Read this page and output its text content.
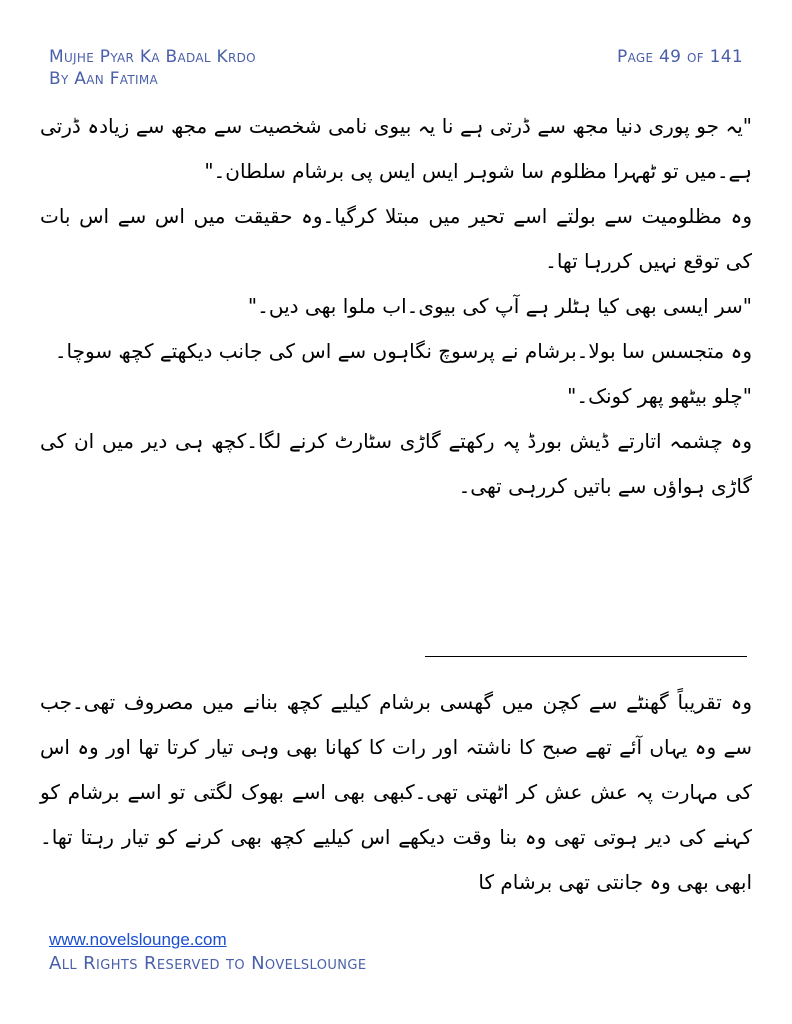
Mujhe Pyar Ka Badal Krdo
By Aan Fatima
Page 49 of 141

"یہ جو پوری دنیا مجھ سے ڈرتی ہے نا یہ بیوی نامی شخصیت سے مجھ سے زیادہ ڈرتی ہے۔میں تو ٹھہرا مظلوم سا شوہر ایس ایس پی برشام سلطان۔"

وہ مظلومیت سے بولتے اسے تحیر میں مبتلا کرگیا۔وہ حقیقت میں اس سے اس بات کی توقع نہیں کررہا تھا۔

"سر ایسی بھی کیا ہٹلر ہے آپ کی بیوی۔اب ملوا بھی دیں۔"

وہ متجسس سا بولا۔برشام نے پرسوچ نگاہوں سے اس کی جانب دیکھتے کچھ سوچا۔

"چلو بیٹھو پھر کونک۔"

وہ چشمہ اتارتے ڈیش بورڈ پہ رکھتے گاڑی سٹارٹ کرنے لگا۔کچھ ہی دیر میں ان کی گاڑی ہواؤں سے باتیں کررہی تھی۔

وہ تقریباً گھنٹے سے کچن میں گھسی برشام کیلیے کچھ بنانے میں مصروف تھی۔جب سے وہ یہاں آئے تھے صبح کا ناشتہ اور رات کا کھانا بھی وہی تیار کرتا تھا اور وہ اس کی مہارت پہ عش عش کر اٹھتی تھی۔کبھی بھی اسے بھوک لگتی تو اسے برشام کو کہنے کی دیر ہوتی تھی وہ بنا وقت دیکھے اس کیلیے کچھ بھی کرنے کو تیار رہتا تھا۔ابھی بھی وہ جانتی تھی برشام کا

www.novelslounge.com
All Rights Reserved to Novelslounge
